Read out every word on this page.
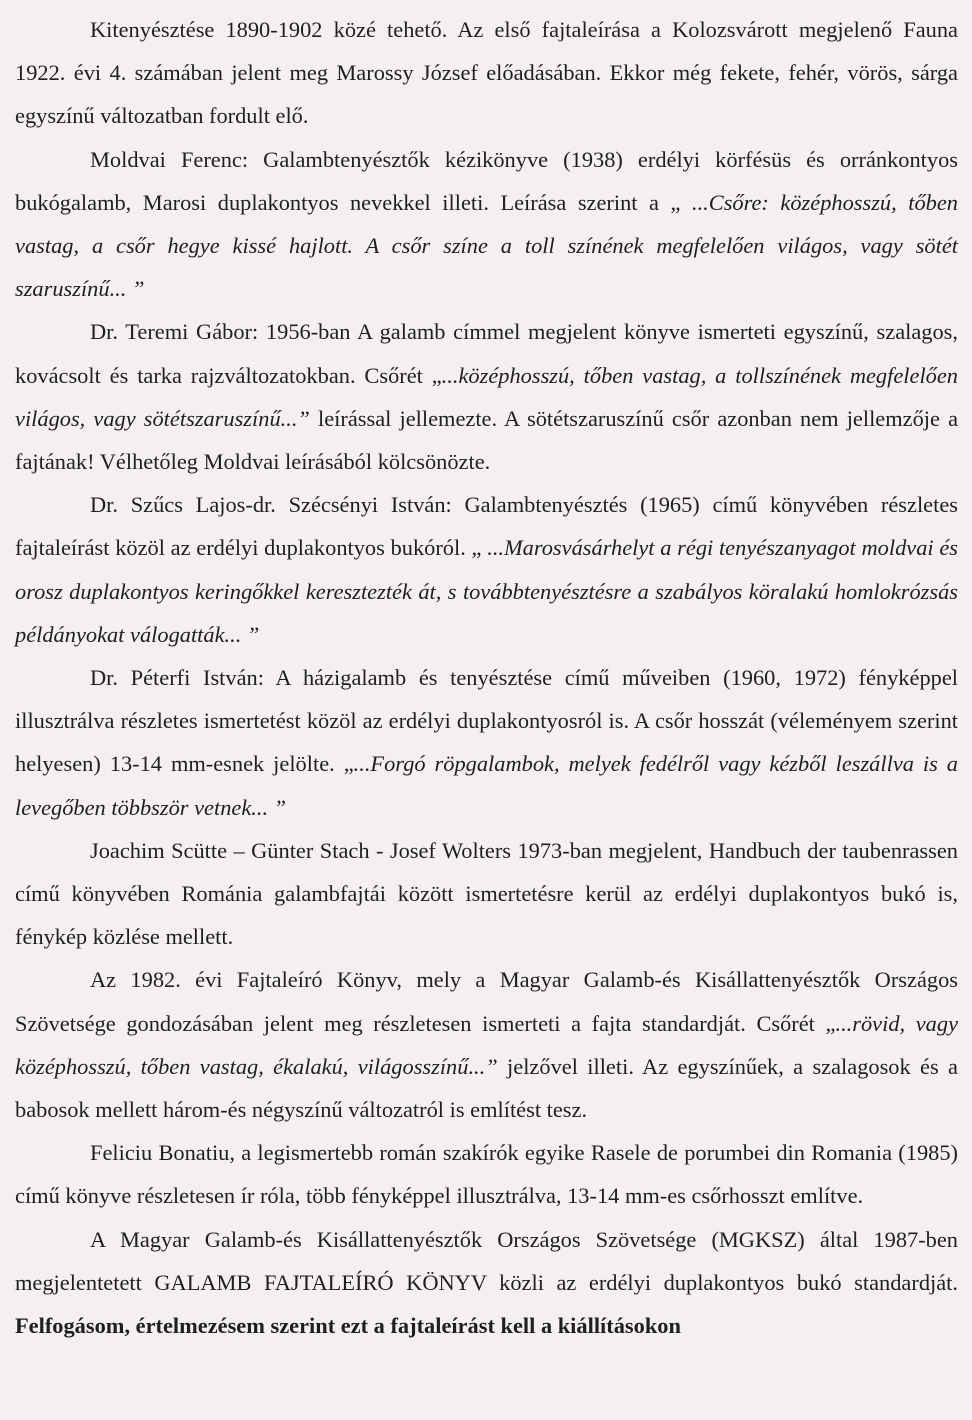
Kitenyésztése 1890-1902 közé tehető. Az első fajtaleírása a Kolozsvárott megjelenő Fauna 1922. évi 4. számában jelent meg Marossy József előadásában. Ekkor még fekete, fehér, vörös, sárga egyszínű változatban fordult elő.

Moldvai Ferenc: Galambtenyésztők kézikönyve (1938) erdélyi körfésüs és orránkontyos bukógalamb, Marosi duplakontyos nevekkel illeti. Leírása szerint a „ ...Csőre: középhosszú, tőben vastag, a csőr hegye kissé hajlott. A csőr színe a toll színének megfelelően világos, vagy sötét szaruszínű... ”

Dr. Teremi Gábor: 1956-ban A galamb címmel megjelent könyve ismerteti egyszínű, szalagos, kovácsolt és tarka rajzváltozatokban. Csőrét „...középhosszú, tőben vastag, a tollszínének megfelelően világos, vagy sötétszaruszínű...” leírással jellemezte. A sötétszaruszínű csőr azonban nem jellemzője a fajtának! Vélhetőleg Moldvai leírásából kölcsönözte.

Dr. Szűcs Lajos-dr. Szécsényi István: Galambtenyésztés (1965) című könyvében részletes fajtaleírást közöl az erdélyi duplakontyos bukóról. „ ...Marosvásárhelyt a régi tenyészanyagot moldvai és orosz duplakontyos keringőkkel keresztezték át, s továbbtenyésztésre a szabályos köralakú homlokrózsás példányokat válogatták... ”

Dr. Péterfi István: A házigalamb és tenyésztése című műveiben (1960, 1972) fényképpel illusztrálva részletes ismertetést közöl az erdélyi duplakontyosról is. A csőr hosszát (véleményem szerint helyesen) 13-14 mm-esnek jelölte. „...Forgó röpgalambok, melyek fedélről vagy kézből leszállva is a levegőben többször vetnek... ”

Joachim Scütte – Günter Stach - Josef Wolters 1973-ban megjelent, Handbuch der taubenrassen című könyvében Románia galambfajtái között ismertetésre kerül az erdélyi duplakontyos bukó is, fénykép közlése mellett.

Az 1982. évi Fajtaleíró Könyv, mely a Magyar Galamb-és Kisállattenyésztők Országos Szövetsége gondozásában jelent meg részletesen ismerteti a fajta standardját. Csőrét „...rövid, vagy középhosszú, tőben vastag, ékalakú, világosszínű...” jelzővel illeti. Az egyszínűek, a szalagosok és a babosok mellett három-és négyszínű változatról is említést tesz.

Feliciu Bonatiu, a legismertebb román szakírók egyike Rasele de porumbei din Romania (1985) című könyve részletesen ír róla, több fényképpel illusztrálva, 13-14 mm-es csőrhosszt említve.

A Magyar Galamb-és Kisállattenyésztők Országos Szövetsége (MGKSZ) által 1987-ben megjelentetett GALAMB FAJTALEÍRÓ KÖNYV közli az erdélyi duplakontyos bukó standardját. Felfogásom, értelmezésem szerint ezt a fajtaleírást kell a kiállításokon
